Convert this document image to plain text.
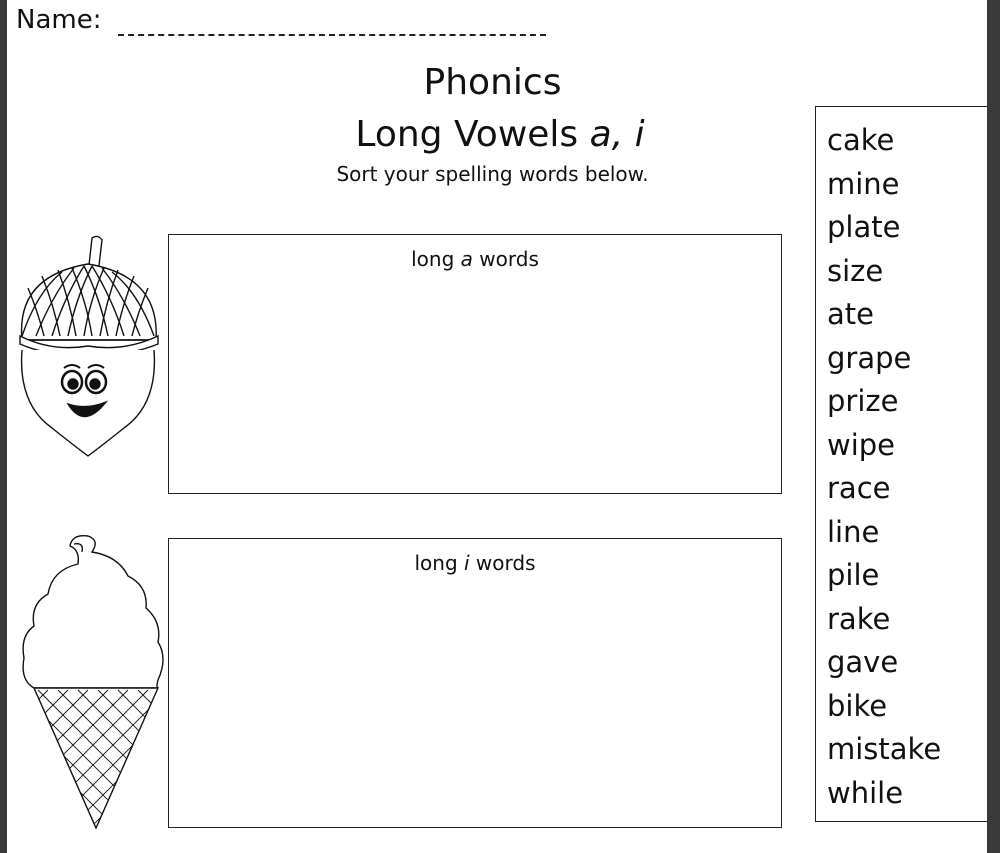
Name:
Phonics
Long Vowels a, i
Sort your spelling words below.
long a words
long i words
cake
mine
plate
size
ate
grape
prize
wipe
race
line
pile
rake
gave
bike
mistake
while
